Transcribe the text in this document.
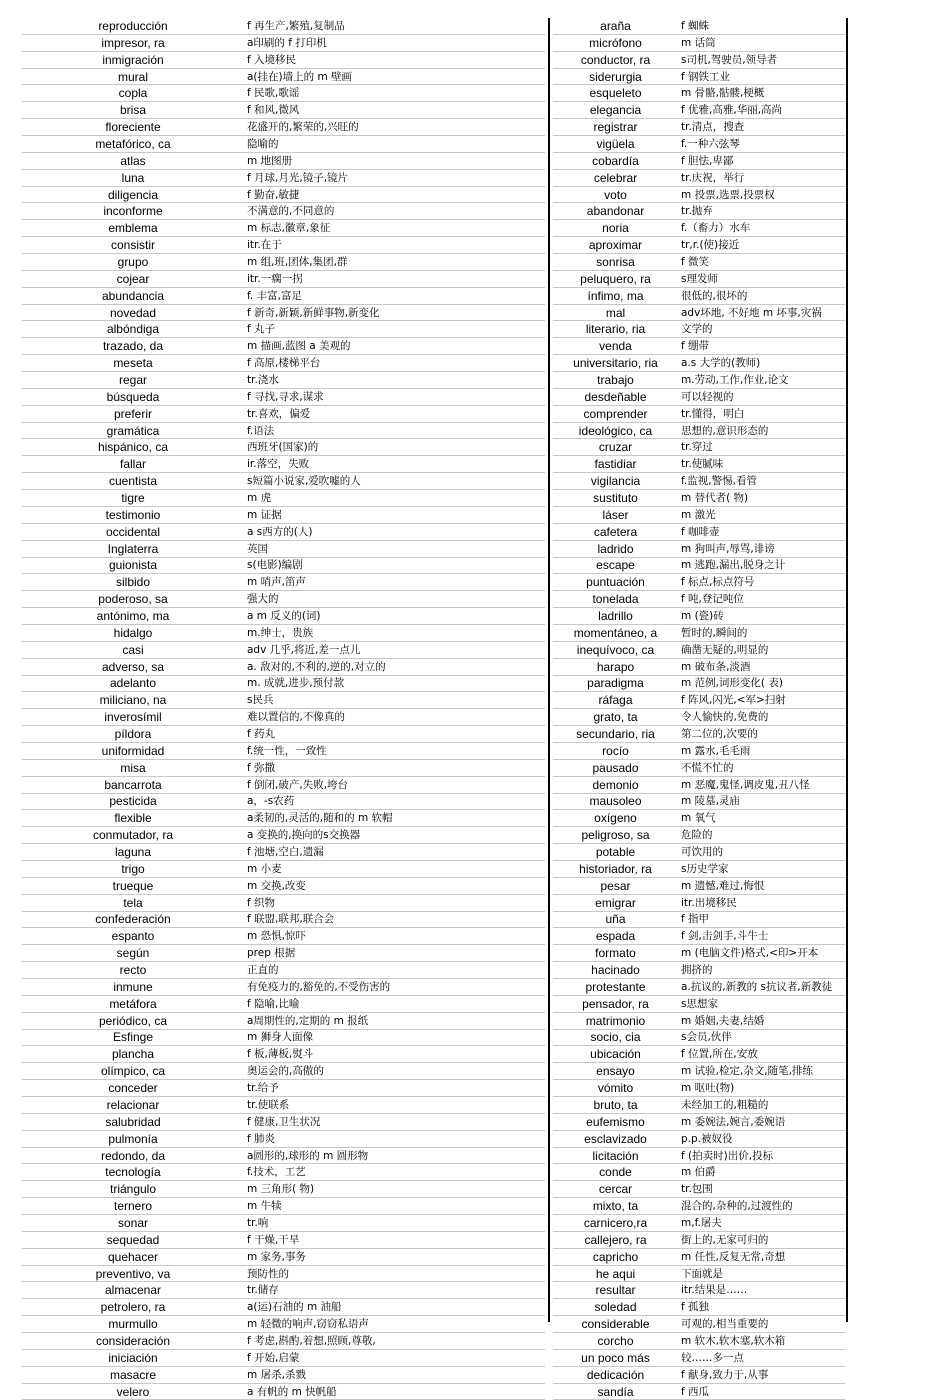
reproducción	f 再生产,繁殖,复制品
impresor, ra	a印刷的 f 打印机
inmigración	f 入境移民
mural	a(挂在)墙上的 m 壁画
copla	f 民歌,歌谣
brisa	f 和风,微风
floreciente	花盛开的,繁荣的,兴旺的
metafórico, ca	隐喻的
atlas	m 地图册
luna	f 月球,月光,镜子,镜片
diligencia	f 勤奋,敏捷
inconforme	不满意的,不同意的
emblema	m 标志,徽章,象征
consistir	itr.在于
grupo	m 组,班,团体,集团,群
cojear	itr.一瘸一拐
abundancia	f. 丰富,富足
novedad	f 新奇,新颖,新鲜事物,新变化
albóndiga	f 丸子
trazado, da	m 描画,蓝图 a 美观的
meseta	f 高原,楼梯平台
regar	tr.浇水
búsqueda	f 寻找,寻求,谋求
preferir	tr.喜欢，偏爱
gramática	f.语法
hispánico, ca	西班牙(国家)的
fallar	ir.落空，失败
cuentista	s短篇小说家,爱吹嘘的人
tigre	m 虎
testimonio	m 证据
occidental	a s西方的(人)
Inglaterra	英国
guionista	s(电影)编剧
silbido	m 哨声,笛声
poderoso, sa	强大的
antónimo, ma	a m 反义的(词)
hidalgo	m.绅士，贵族
casi	adv 几乎,将近,差一点儿
adverso, sa	a. 敌对的,不利的,逆的,对立的
adelanto	m. 成就,进步,预付款
miliciano, na	s民兵
inverosímil	难以置信的,不像真的
píldora	f 药丸
uniformidad	f.统一性，一致性
misa	f 弥撒
bancarrota	f 倒闭,破产,失败,垮台
pesticida	a，-s农药
flexible	a柔韧的,灵活的,随和的 m 软帽
conmutador, ra	a 变换的,换向的s交换器
laguna	f 池塘,空白,遗漏
trigo	m 小麦
trueque	m 交换,改变
tela	f 织物
confederación	f 联盟,联邦,联合会
espanto	m 恐惧,惊吓
según	prep 根据
recto	正直的
inmune	有免疫力的,豁免的,不受伤害的
metáfora	f 隐喻,比喻
periódico, ca	a周期性的,定期的 m 报纸
Esfinge	m 狮身人面像
plancha	f 板,薄板,熨斗
olímpico, ca	奥运会的,高傲的
conceder	tr.给予
relacionar	tr.使联系
salubridad	f 健康,卫生状况
pulmonía	f 肺炎
redondo, da	a圆形的,球形的 m 圆形物
tecnología	f.技术，工艺
triángulo	m 三角形( 物)
ternero	m 牛犊
sonar	tr.响
sequedad	f 干燥,干旱
quehacer	m 家务,事务
preventivo, va	预防性的
almacenar	tr.储存
petrolero, ra	a(运)石油的 m 油船
murmullo	m 轻微的响声,窃窃私语声
consideración	f 考虑,斟酌,着想,照顾,尊敬,
iniciación	f 开始,启蒙
masacre	m 屠杀,杀戮
velero	a 有帆的 m 快帆船
araña	f 蜘蛛
micrófono	m 话筒
conductor, ra	s司机,驾驶员,领导者
siderurgia	f 钢铁工业
esqueleto	m 骨骼,骷髅,梗概
elegancia	f 优雅,高雅,华丽,高尚
registrar	tr.清点，搜查
vigüela	f.一种六弦琴
cobardía	f 胆怯,卑鄙
celebrar	tr.庆祝，举行
voto	m 投票,选票,投票权
abandonar	tr.抛弃
noria	f.（畜力）水车
aproximar	tr,r.(使)接近
sonrisa	f 微笑
peluquero, ra	s理发师
ínfimo, ma	很低的,很坏的
mal	adv坏地, 不好地 m 坏事,灾祸
literario, ria	文学的
venda	f 绷带
universitario, ria	a.s 大学的(教师)
trabajo	m.劳动,工作,作业,论文
desdeñable	可以轻视的
comprender	tr.懂得，明白
ideológico, ca	思想的,意识形态的
cruzar	tr.穿过
fastidiar	tr.使腻味
vigilancia	f.监视,警惕,看管
sustituto	m 替代者( 物)
láser	m 激光
cafetera	f 咖啡壶
ladrido	m 狗叫声,辱骂,诽谤
escape	m 逃跑,漏出,脱身之计
puntuación	f 标点,标点符号
tonelada	f 吨,登记吨位
ladrillo	m (瓷)砖
momentáneo, a	暂时的,瞬间的
inequívoco, ca	确凿无疑的,明显的
harapo	m 破布条,淡酒
paradigma	m 范例,词形变化( 表)
ráfaga	f 阵风,闪光,<军>扫射
grato, ta	令人愉快的,免费的
secundario, ria	第二位的,次要的
rocío	m 露水,毛毛雨
pausado	不慌不忙的
demonio	m 恶魔,鬼怪,调皮鬼,丑八怪
mausoleo	m 陵墓,灵庙
oxígeno	m 氧气
peligroso, sa	危险的
potable	可饮用的
historiador, ra	s历史学家
pesar	m 遗憾,难过,悔恨
emigrar	itr.出境移民
uña	f 指甲
espada	f 剑,击剑手,斗牛士
formato	m (电脑文件)格式,<印>开本
hacinado	拥挤的
protestante	a.抗议的,新教的 s抗议者,新教徒
pensador, ra	s思想家
matrimonio	m 婚姻,夫妻,结婚
socio, cia	s会员,伙伴
ubicación	f 位置,所在,安放
ensayo	m 试验,检定,杂文,随笔,排练
vómito	m 呕吐(物)
bruto, ta	未经加工的,粗糙的
eufemismo	m 委婉法,婉言,委婉语
esclavizado	p.p.被奴役
licitación	f (拍卖时)出价,投标
conde	m 伯爵
cercar	tr.包围
mixto, ta	混合的,杂种的,过渡性的
carnicero,ra	m,f.屠夫
callejero, ra	街上的,无家可归的
capricho	m 任性,反复无常,奇想
he aqui	下面就是
resultar	itr.结果是……
soledad	f 孤独
considerable	可观的,相当重要的
corcho	m 软木,软木塞,软木箱
un poco más	较……多一点
dedicación	f 献身,致力于,从事
sandía	f 西瓜
